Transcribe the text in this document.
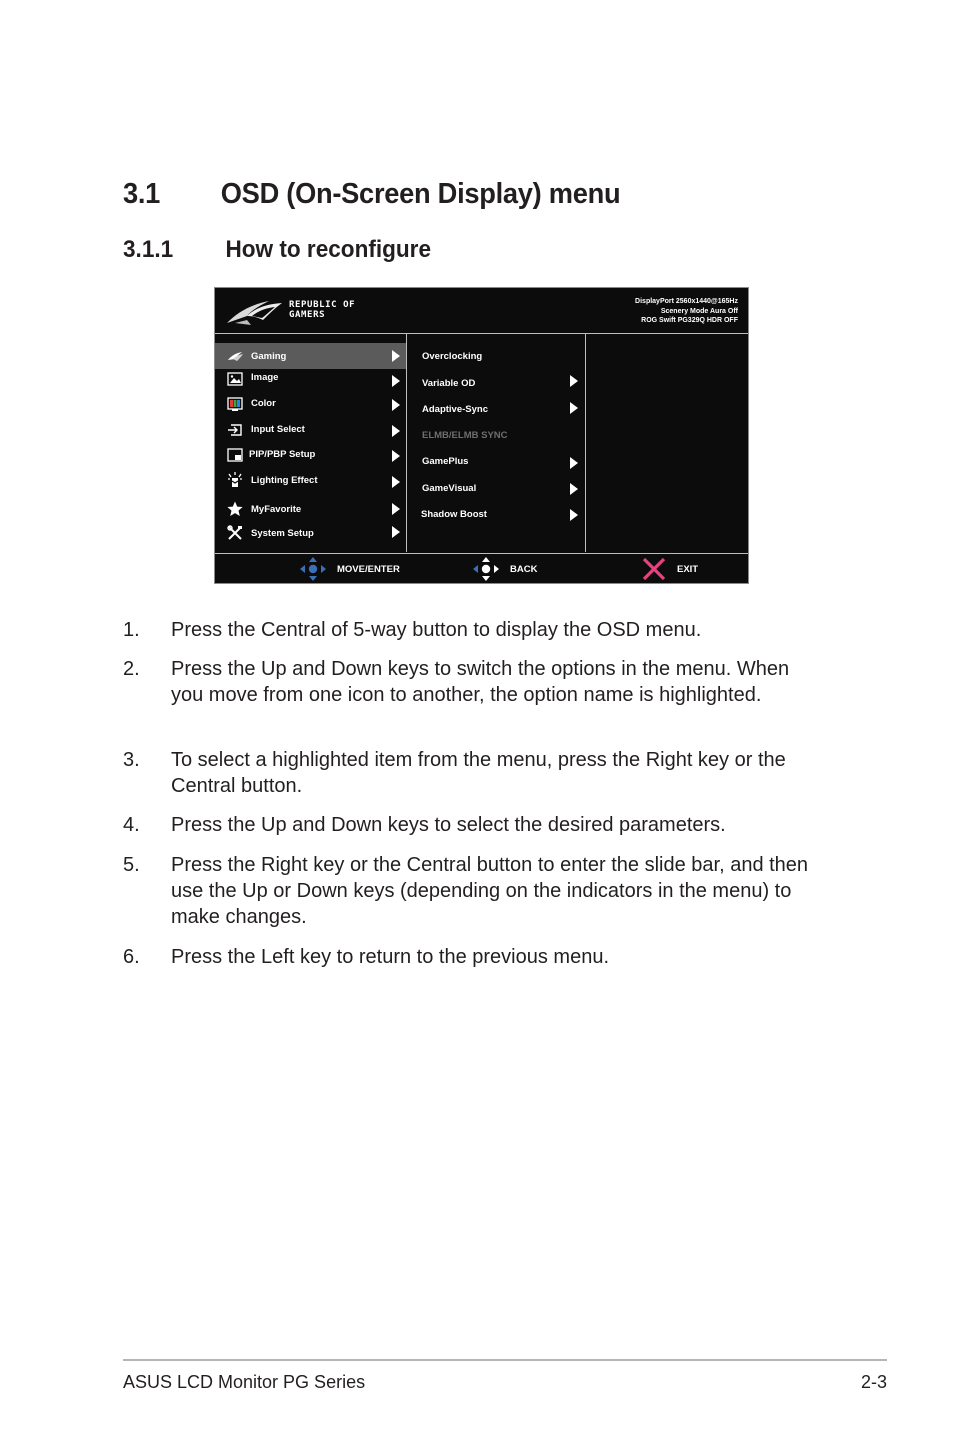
3.1	OSD (On-Screen Display) menu
3.1.1 How to reconfigure
REPUBLIC OF
GAMERS
DisplayPort 2560x1440@165Hz
Scenery Mode Aura Off
ROG Swift PG329Q HDR OFF
Gaming
Image
Color
Input Select
PIP/PBP Setup
Lighting Effect
MyFavorite
System Setup
Overclocking
Variable OD
Adaptive-Sync
ELMB/ELMB SYNC
GamePlus
GameVisual
Shadow Boost
MOVE/ENTER	BACK	EXIT
1. Press the Central of 5-way button to display the OSD menu.
2. Press the Up and Down keys to switch the options in the menu. When you move from one icon to another, the option name is highlighted.
3. To select a highlighted item from the menu, press the Right key or the Central button.
4. Press the Up and Down keys to select the desired parameters.
5. Press the Right key or the Central button to enter the slide bar, and then use the Up or Down keys (depending on the indicators in the menu) to make changes.
6. Press the Left key to return to the previous menu.
ASUS LCD Monitor PG Series	2-3
